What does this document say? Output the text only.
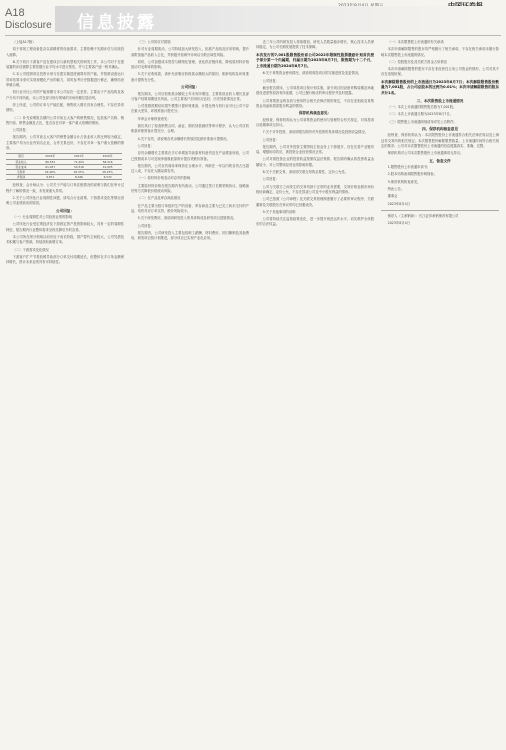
信息披露
A18
Disclosure

（上接A17版）

同于常规工程设备复杂以高精度的设备需求，主要依赖于先期评估与后续投入测算。

B.关于同行下游客户及在建项目与新机型相关的研发工作，本公司对于在建装置的评估测算主要依据行业平均水平进行预估，并与主要客户逐一核对确认。

C.本公司按照项目投资计划与在建实施进度测算有效产能，并按照设备运行效率估算未来可实现规模化产出的能力，同时参考历史数据进行修正，确保结论审慎合理。

同行业可比公司的产能规模与本公司存在一定差异，主要由于产品结构及客户分布不同所致，本公司在部分细分领域的市场份额位居前列。

综上所述，公司的订单与产能匹配，销售收入增长具有合理性，不存在异常情形。

（二）补充说明报告期内公司对前五大客户的销售情况，包括客户名称、销售内容、销售金额及占比，是否存在对单一客户重大依赖的情形。

公司回复：

报告期内，公司对前五大客户的销售金额合计占营业收入的比例较为稳定，主要客户均为行业内知名企业，合作关系良好，不存在对单一客户重大依赖的情形。

项目	2022年	2021年	2020年
营业收入	86,532	71,204	58,416
营业成本	61,037	50,318	41,925
毛利率	29.46%	29.33%	28.23%
净利润	9,871	8,046	6,532

经核查，会计师认为：公司关于产能与订单匹配情况的说明与我们在审计过程中了解的情况一致，未发现重大异常。

2.关于公司所处行业周期性问题，请结合行业政策、下游需求变化等情况说明公司业绩波动的原因。

公司回复：

（一）行业周期性对公司经营业绩的影响

公司所处行业受宏观经济及下游固定资产投资影响较大，具有一定的周期性特征，报告期内行业整体需求呈现先降后升的态势。

本公司所在细分领域目前仍处于成长阶段，国产替代空间较大，公司凭借技术积累与客户资源，持续获取新增订单。

（二）下游需求变化情况

下游客户扩产节奏放缓导致部分订单交付周期延长，但整体在手订单金额保持增长，预计未来业绩具有可持续性。

（三）公司的应对措施

针对行业周期波动，公司持续加大研发投入，拓展产品线及应用领域，提升高附加值产品收入占比，并积极开拓海外市场以分散区域性风险。

同时，公司加强成本管控与精细化管理，优化供应链体系，降低原材料价格波动对毛利率的影响。

3.关于应收账款，请补充说明应收账款余额较大的原因、账龄结构及坏账准备计提的充分性。

公司回复：

报告期末，公司应收账款余额较上年末有所增加，主要系营业收入增长及部分客户结算周期延长所致。公司主要客户信用状况良好，历史回款情况正常。

公司按照预期信用损失模型计提坏账准备，计提比例与同行业可比公司不存在重大差异，坏账准备计提充分。

年审会计师核查意见：

我们执行了检查销售合同、函证、期后回款测试等审计程序，认为公司应收账款坏账准备计提充分、合理。

4.关于存货，请说明存货余额增长的原因及跌价准备计提情况。

公司回复：

存货余额增长主要系在手订单增加导致原材料备货及在产品增加所致，公司已按照成本与可变现净值孰低原则计提存货跌价准备。

报告期内，公司存货周转率保持在合理水平，库龄在一年以内的存货占比超过八成，不存在大额呆滞存货。

（一）原材料价格变动对存货的影响

主要原材料价格在报告期内有所波动，公司通过签订长期采购协议、战略备货等方式降低价格波动风险。

（二）在产品及库存商品情况

在产品主要为按订单组织生产的设备，库存商品主要为已完工尚未交付的产品，均有对应订单支持，跌价风险较小。

5.关于研发费用，请说明研发投入的具体构成及研发项目进展情况。

公司回复：

报告期内，公司研发投入主要包括职工薪酬、材料费用、折旧摊销及其他费用，研发项目按计划推进，部分项目已实现产业化应用。

近三年公司的研发投入持续增加，研发人员数量稳步增长，核心技术人员保持稳定，为公司长期发展提供了技术保障。

本次发行的7,001股限售股份系公司2022年限制性股票激励计划首次授予部分第一个归属期，归属日期为2023年8月7日，限售期为十二个月，上市流通日期为2024年8月7日。

6.关于募集资金使用情况，请说明募投项目的实施进度及变更情况。

公司回复：

截至报告期末，公司募投项目按计划实施，部分项目因设备采购周期及场地建设进度等原因有所延期，公司已履行相应的审议程序并及时披露。

公司募集资金的存放与使用符合相关法律法规的规定，不存在变相改变募集资金用途和损害股东利益的情形。

保荐机构核查意见：

经核查，保荐机构认为公司募集资金的使用与管理符合有关规定，对募投项目延期事项无异议。

7.关于对外投资，请说明报告期内对外投资的具体情况及投资收益情况。

公司回复：

报告期内，公司对外投资主要围绕主营业务上下游展开，旨在完善产业链布局、增强协同效应，被投资企业经营情况正常。

公司对被投资企业的投资收益按照权益法核算，报告期内确认的投资收益金额较小，对公司整体经营业绩影响有限。

8.关于关联交易，请说明关联交易的必要性、定价公允性。

公司回复：

公司与关联方之间发生的交易均基于正常的业务需要，交易价格参照市场价格协商确定，定价公允，不存在损害公司及中小股东利益的情形。

公司已按照《公司章程》及关联交易管理制度履行了必要的审议程序，关联董事及关联股东在审议时均已回避表决。

9.关于其他事项的说明

公司将持续关注监管政策变化，进一步提升规范运作水平，切实维护全体股东的合法权益。

（一）本次限售股上市流通的有关承诺

本次申请解除限售的股东均严格履行了相关承诺，不存在相关承诺未履行影响本次限售股上市流通的情况。

（二）控股股东及其关联方资金占用情况

本次申请解除限售的股东不存在非经营性占用公司资金的情形，公司对其不存在违规担保。

本次解除限售股份的上市流通日为2023年8月7日；本次解除限售股份数量为7,001股，占公司总股本的比例为0.01%；本次申请解除限售的股东共计1名。
三、本次限售股上市流通情况

（一）本次上市流通的限售股总数为7,001股。

（二）本次上市流通日期为2023年8月7日。

（三）限售股上市流通明细清单详见公告附件。

四、保荐机构核查意见

经核查，保荐机构认为：本次限售股份上市流通符合相关法律法规以及上海证券交易所的相关规定；本次限售股份解除限售数量、上市流通时间符合相关规定的要求；公司对本次限售股份上市流通的信息披露真实、准确、完整。

保荐机构对公司本次限售股份上市流通事项无异议。

五、备查文件

1.限售股份上市流通申请书；

2.股本结构表和限售股份明细表；

3.保荐机构核查意见。

特此公告。

董事会

2023年8月4日

保荐人（主承销商）：长江证券承销保荐有限公司

2023年8月4日
